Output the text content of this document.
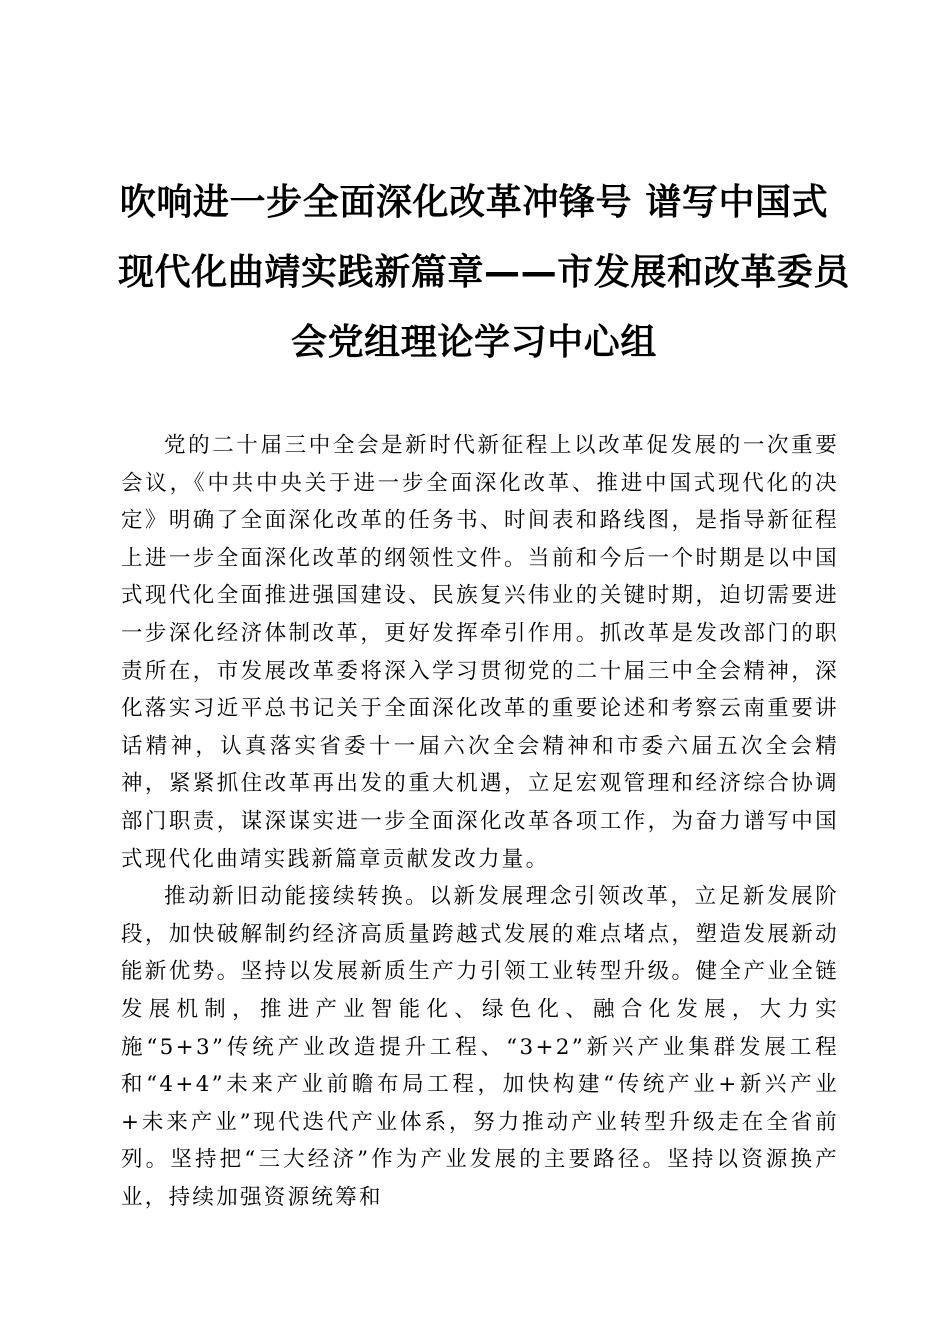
吹响进一步全面深化改革冲锋号 谱写中国式
现代化曲靖实践新篇章——市发展和改革委员
会党组理论学习中心组

党的二十届三中全会是新时代新征程上以改革促发展的一次重要会议，《中共中央关于进一步全面深化改革、推进中国式现代化的决定》明确了全面深化改革的任务书、时间表和路线图，是指导新征程上进一步全面深化改革的纲领性文件。当前和今后一个时期是以中国式现代化全面推进强国建设、民族复兴伟业的关键时期，迫切需要进一步深化经济体制改革，更好发挥牵引作用。抓改革是发改部门的职责所在，市发展改革委将深入学习贯彻党的二十届三中全会精神，深化落实习近平总书记关于全面深化改革的重要论述和考察云南重要讲话精神，认真落实省委十一届六次全会精神和市委六届五次全会精神，紧紧抓住改革再出发的重大机遇，立足宏观管理和经济综合协调部门职责，谋深谋实进一步全面深化改革各项工作，为奋力谱写中国式现代化曲靖实践新篇章贡献发改力量。

推动新旧动能接续转换。以新发展理念引领改革，立足新发展阶段，加快破解制约经济高质量跨越式发展的难点堵点，塑造发展新动能新优势。坚持以发展新质生产力引领工业转型升级。健全产业全链发展机制，推进产业智能化、绿色化、融合化发展，大力实施“5+3”传统产业改造提升工程、“3+2”新兴产业集群发展工程和“4+4”未来产业前瞻布局工程，加快构建“传统产业+新兴产业+未来产业”现代迭代产业体系，努力推动产业转型升级走在全省前列。坚持把“三大经济”作为产业发展的主要路径。坚持以资源换产业，持续加强资源统筹和
